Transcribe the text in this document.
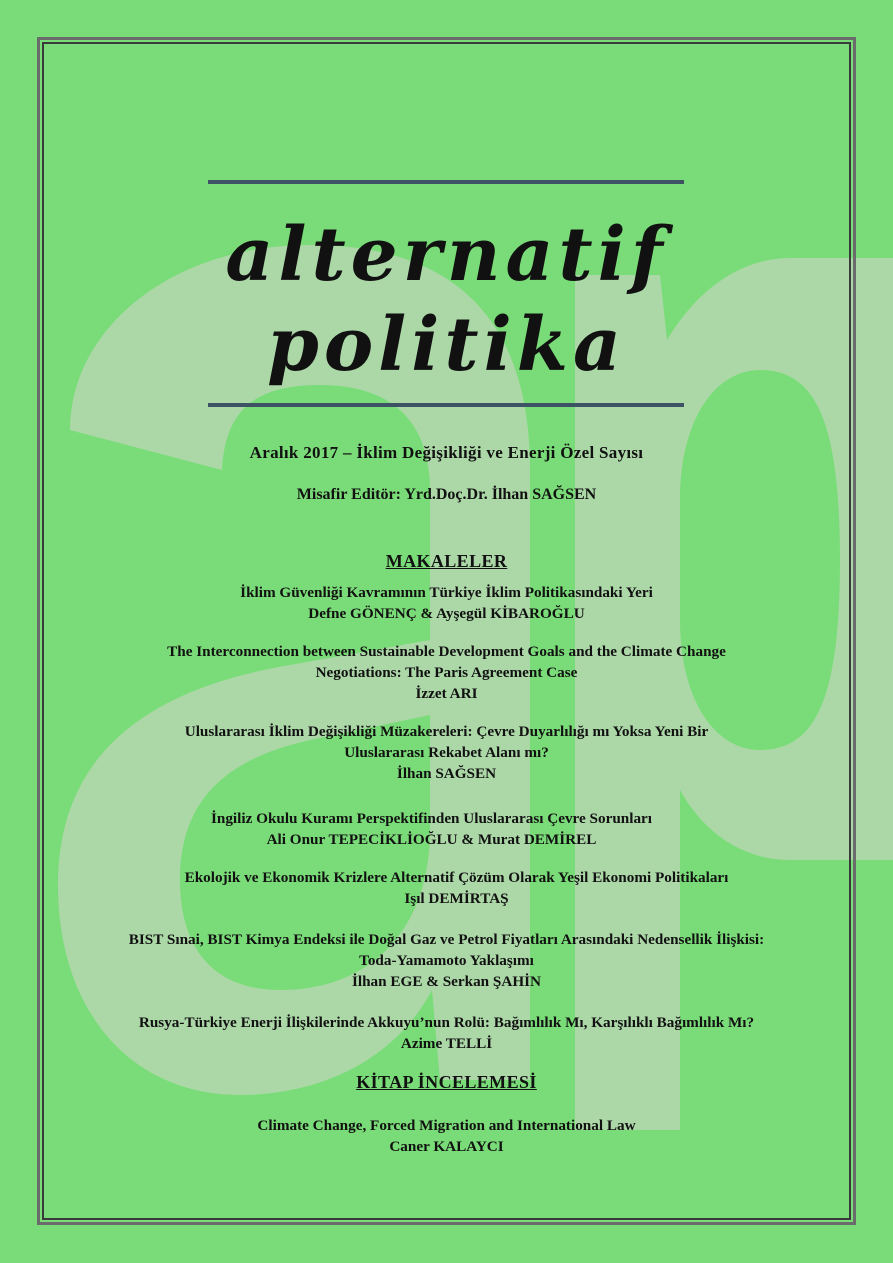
alternatif
politika
Aralık 2017 – İklim Değişikliği ve Enerji Özel Sayısı
Misafir Editör: Yrd.Doç.Dr. İlhan SAĞSEN
MAKALELER
İklim Güvenliği Kavramının Türkiye İklim Politikasındaki Yeri
Defne GÖNENÇ & Ayşegül KİBAROĞLU
The Interconnection between Sustainable Development Goals and the Climate Change
Negotiations: The Paris Agreement Case
İzzet ARI
Uluslararası İklim Değişikliği Müzakereleri: Çevre Duyarlılığı mı Yoksa Yeni Bir
Uluslararası Rekabet Alanı mı?
İlhan SAĞSEN
İngiliz Okulu Kuramı Perspektifinden Uluslararası Çevre Sorunları
Ali Onur TEPECİKLİOĞLU & Murat DEMİREL
Ekolojik ve Ekonomik Krizlere Alternatif Çözüm Olarak Yeşil Ekonomi Politikaları
Işıl DEMİRTAŞ
BIST Sınai, BIST Kimya Endeksi ile Doğal Gaz ve Petrol Fiyatları Arasındaki Nedensellik İlişkisi:
Toda-Yamamoto Yaklaşımı
İlhan EGE & Serkan ŞAHİN
Rusya-Türkiye Enerji İlişkilerinde Akkuyu’nun Rolü: Bağımlılık Mı, Karşılıklı Bağımlılık Mı?
Azime TELLİ
KİTAP İNCELEMESİ
Climate Change, Forced Migration and International Law
Caner KALAYCI
